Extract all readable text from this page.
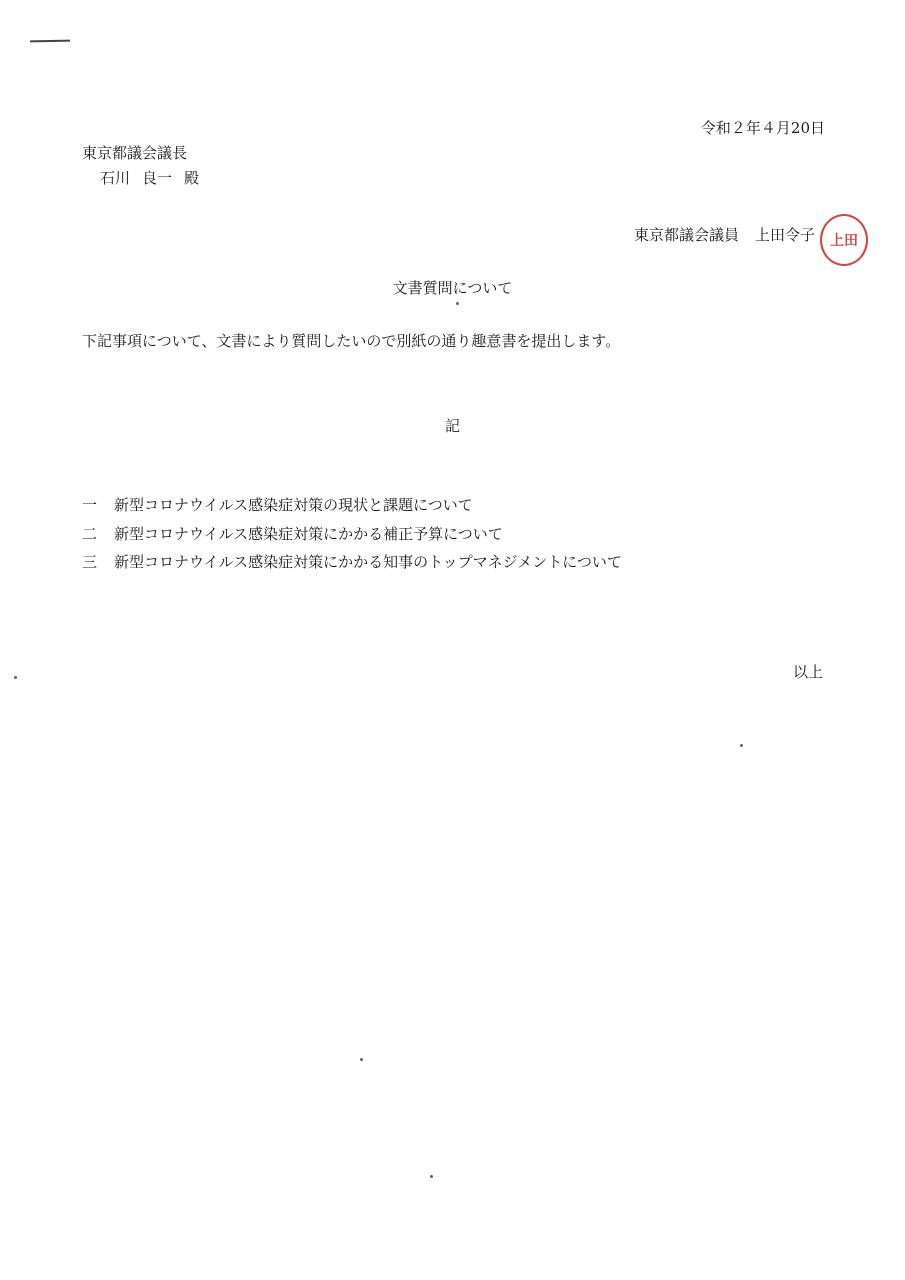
令和２年４月20日
東京都議会議長
石川 良一 殿
東京都議会議員 上田令子	上田
文書質問について
下記事項について、文書により質問したいので別紙の通り趣意書を提出します。
記
一 新型コロナウイルス感染症対策の現状と課題について
二 新型コロナウイルス感染症対策にかかる補正予算について
三 新型コロナウイルス感染症対策にかかる知事のトップマネジメントについて
以上
